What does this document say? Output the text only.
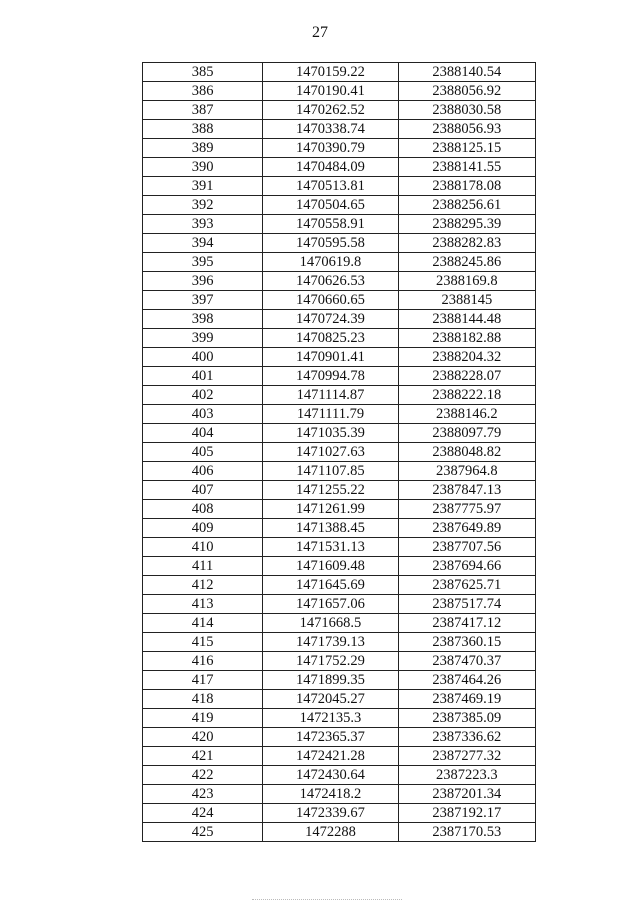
27
385	1470159.22	2388140.54
386	1470190.41	2388056.92
387	1470262.52	2388030.58
388	1470338.74	2388056.93
389	1470390.79	2388125.15
390	1470484.09	2388141.55
391	1470513.81	2388178.08
392	1470504.65	2388256.61
393	1470558.91	2388295.39
394	1470595.58	2388282.83
395	1470619.8	2388245.86
396	1470626.53	2388169.8
397	1470660.65	2388145
398	1470724.39	2388144.48
399	1470825.23	2388182.88
400	1470901.41	2388204.32
401	1470994.78	2388228.07
402	1471114.87	2388222.18
403	1471111.79	2388146.2
404	1471035.39	2388097.79
405	1471027.63	2388048.82
406	1471107.85	2387964.8
407	1471255.22	2387847.13
408	1471261.99	2387775.97
409	1471388.45	2387649.89
410	1471531.13	2387707.56
411	1471609.48	2387694.66
412	1471645.69	2387625.71
413	1471657.06	2387517.74
414	1471668.5	2387417.12
415	1471739.13	2387360.15
416	1471752.29	2387470.37
417	1471899.35	2387464.26
418	1472045.27	2387469.19
419	1472135.3	2387385.09
420	1472365.37	2387336.62
421	1472421.28	2387277.32
422	1472430.64	2387223.3
423	1472418.2	2387201.34
424	1472339.67	2387192.17
425	1472288	2387170.53
